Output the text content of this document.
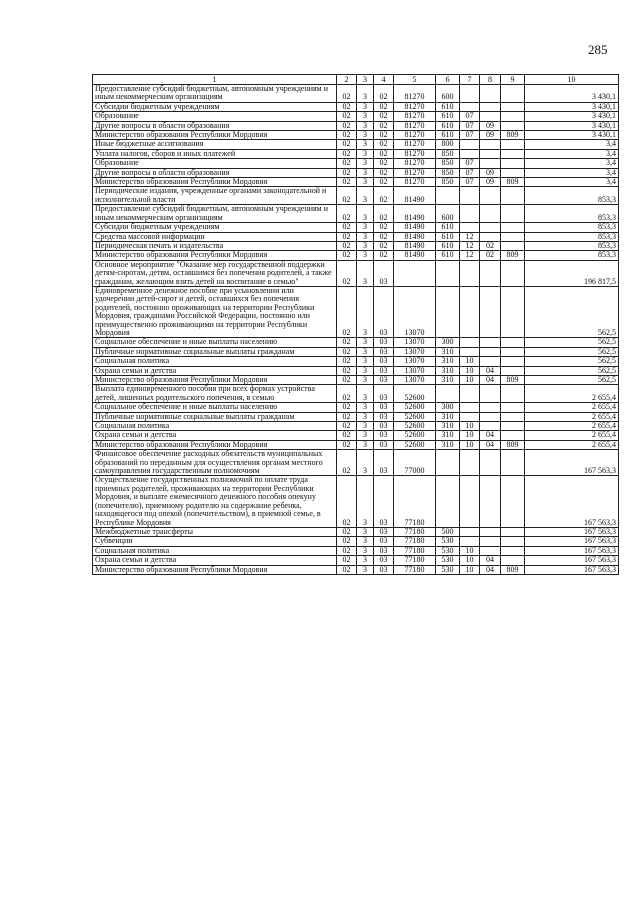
285
1	2	3	4	5	6	7	8	9	10
Предоставление субсидий бюджетным, автономным учреждениям и иным некоммерческим организациям	02	3	02	81270	600				3 430,1
Субсидии бюджетным учреждениям	02	3	02	81270	610				3 430,1
Образование	02	3	02	81270	610	07			3 430,1
Другие вопросы в области образования	02	3	02	81270	610	07	09		3 430,1
Министерство образования Республики Мордовия	02	3	02	81270	610	07	09	809	3 430,1
Иные бюджетные ассигнования	02	3	02	81270	800				3,4
Уплата налогов, сборов и иных платежей	02	3	02	81270	850				3,4
Образование	02	3	02	81270	850	07			3,4
Другие вопросы в области образования	02	3	02	81270	850	07	09		3,4
Министерство образования Республики Мордовия	02	3	02	81270	850	07	09	809	3,4
Периодические издания, учрежденные органами законодательной и исполнительной власти	02	3	02	81490					853,3
Предоставление субсидий бюджетным, автономным учреждениям и иным некоммерческим организациям	02	3	02	81490	600				853,3
Субсидии бюджетным учреждениям	02	3	02	81490	610				853,3
Средства массовой информации	02	3	02	81490	610	12			853,3
Периодическая печать и издательства	02	3	02	81490	610	12	02		853,3
Министерство образования Республики Мордовия	02	3	02	81490	610	12	02	809	853,3
Основное мероприятие "Оказание мер государственной поддержки детям-сиротам, детям, оставшимся без попечения родителей, а также гражданам, желающим взять детей на воспитание в семью"	02	3	03						196 817,5
Единовременное денежное пособие при усыновлении или удочерении детей-сирот и детей, оставшихся без попечения родителей, постоянно проживающих на территории Республики Мордовия, гражданами Российской Федерации, постоянно или преимущественно проживающими на территории Республики Мордовия	02	3	03	13070					562,5
Социальное обеспечение и иные выплаты населению	02	3	03	13070	300				562,5
Публичные нормативные социальные выплаты гражданам	02	3	03	13070	310				562,5
Социальная политика	02	3	03	13070	310	10			562,5
Охрана семьи и детства	02	3	03	13070	310	10	04		562,5
Министерство образования Республики Мордовия	02	3	03	13070	310	10	04	809	562,5
Выплата единовременного пособия при всех формах устройства детей, лишенных родительского попечения, в семью	02	3	03	52600					2 655,4
Социальное обеспечение и иные выплаты населению	02	3	03	52600	300				2 655,4
Публичные нормативные социальные выплаты гражданам	02	3	03	52600	310				2 655,4
Социальная политика	02	3	03	52600	310	10			2 655,4
Охрана семьи и детства	02	3	03	52600	310	10	04		2 655,4
Министерство образования Республики Мордовия	02	3	03	52600	310	10	04	809	2 655,4
Финансовое обеспечение расходных обязательств муниципальных образований по переданным для осуществления органам местного самоуправления государственным полномочиям	02	3	03	77000					167 563,3
Осуществление государственных полномочий по оплате труда приемных родителей, проживающих на территории Республики Мордовия, и выплате ежемесячного денежного пособия опекуну (попечителю), приемному родителю на содержание ребенка, находящегося под опекой (попечительством), в приемной семье, в Республике Мордовия	02	3	03	77180					167 563,3
Межбюджетные трансферты	02	3	03	77180	500				167 563,3
Субвенции	02	3	03	77180	530				167 563,3
Социальная политика	02	3	03	77180	530	10			167 563,3
Охрана семьи и детства	02	3	03	77180	530	10	04		167 563,3
Министерство образования Республики Мордовия	02	3	03	77180	530	10	04	809	167 563,3
